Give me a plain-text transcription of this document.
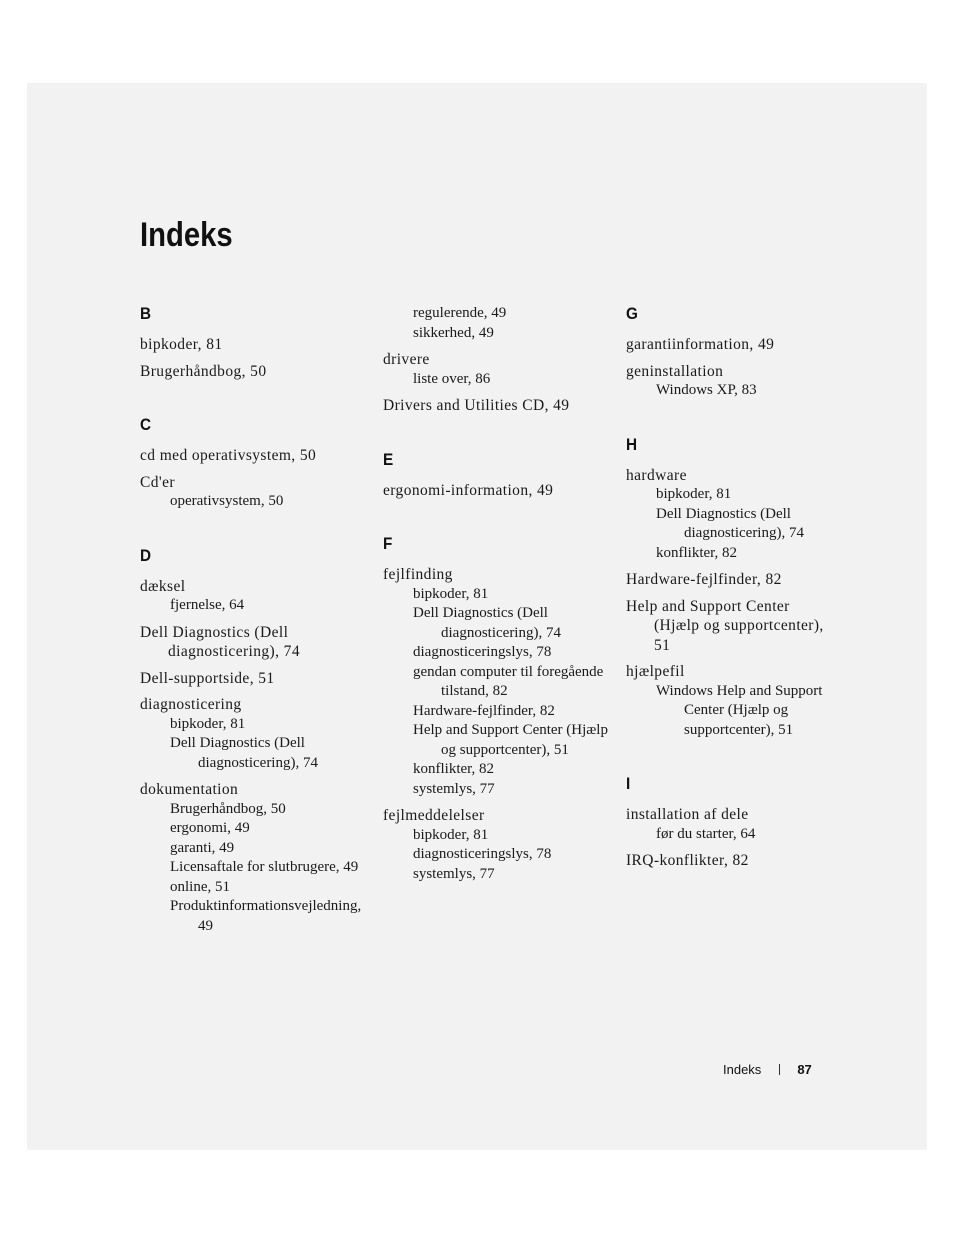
Indeks
B
bipkoder, 81
Brugerhåndbog, 50
C
cd med operativsystem, 50
Cd'er
operativsystem, 50
D
dæksel
fjernelse, 64
Dell Diagnostics (Dell diagnosticering), 74
Dell-supportside, 51
diagnosticering
bipkoder, 81
Dell Diagnostics (Dell diagnosticering), 74
dokumentation
Brugerhåndbog, 50
ergonomi, 49
garanti, 49
Licensaftale for slutbrugere, 49
online, 51
Produktinformationsvejledning, 49
regulerende, 49
sikkerhed, 49
drivere
liste over, 86
Drivers and Utilities CD, 49
E
ergonomi-information, 49
F
fejlfinding
bipkoder, 81
Dell Diagnostics (Dell diagnosticering), 74
diagnosticeringslys, 78
gendan computer til foregående tilstand, 82
Hardware-fejlfinder, 82
Help and Support Center (Hjælp og supportcenter), 51
konflikter, 82
systemlys, 77
fejlmeddelelser
bipkoder, 81
diagnosticeringslys, 78
systemlys, 77
G
garantiinformation, 49
geninstallation
Windows XP, 83
H
hardware
bipkoder, 81
Dell Diagnostics (Dell diagnosticering), 74
konflikter, 82
Hardware-fejlfinder, 82
Help and Support Center (Hjælp og supportcenter), 51
hjælpefil
Windows Help and Support Center (Hjælp og supportcenter), 51
I
installation af dele
før du starter, 64
IRQ-konflikter, 82
Indeks	87
